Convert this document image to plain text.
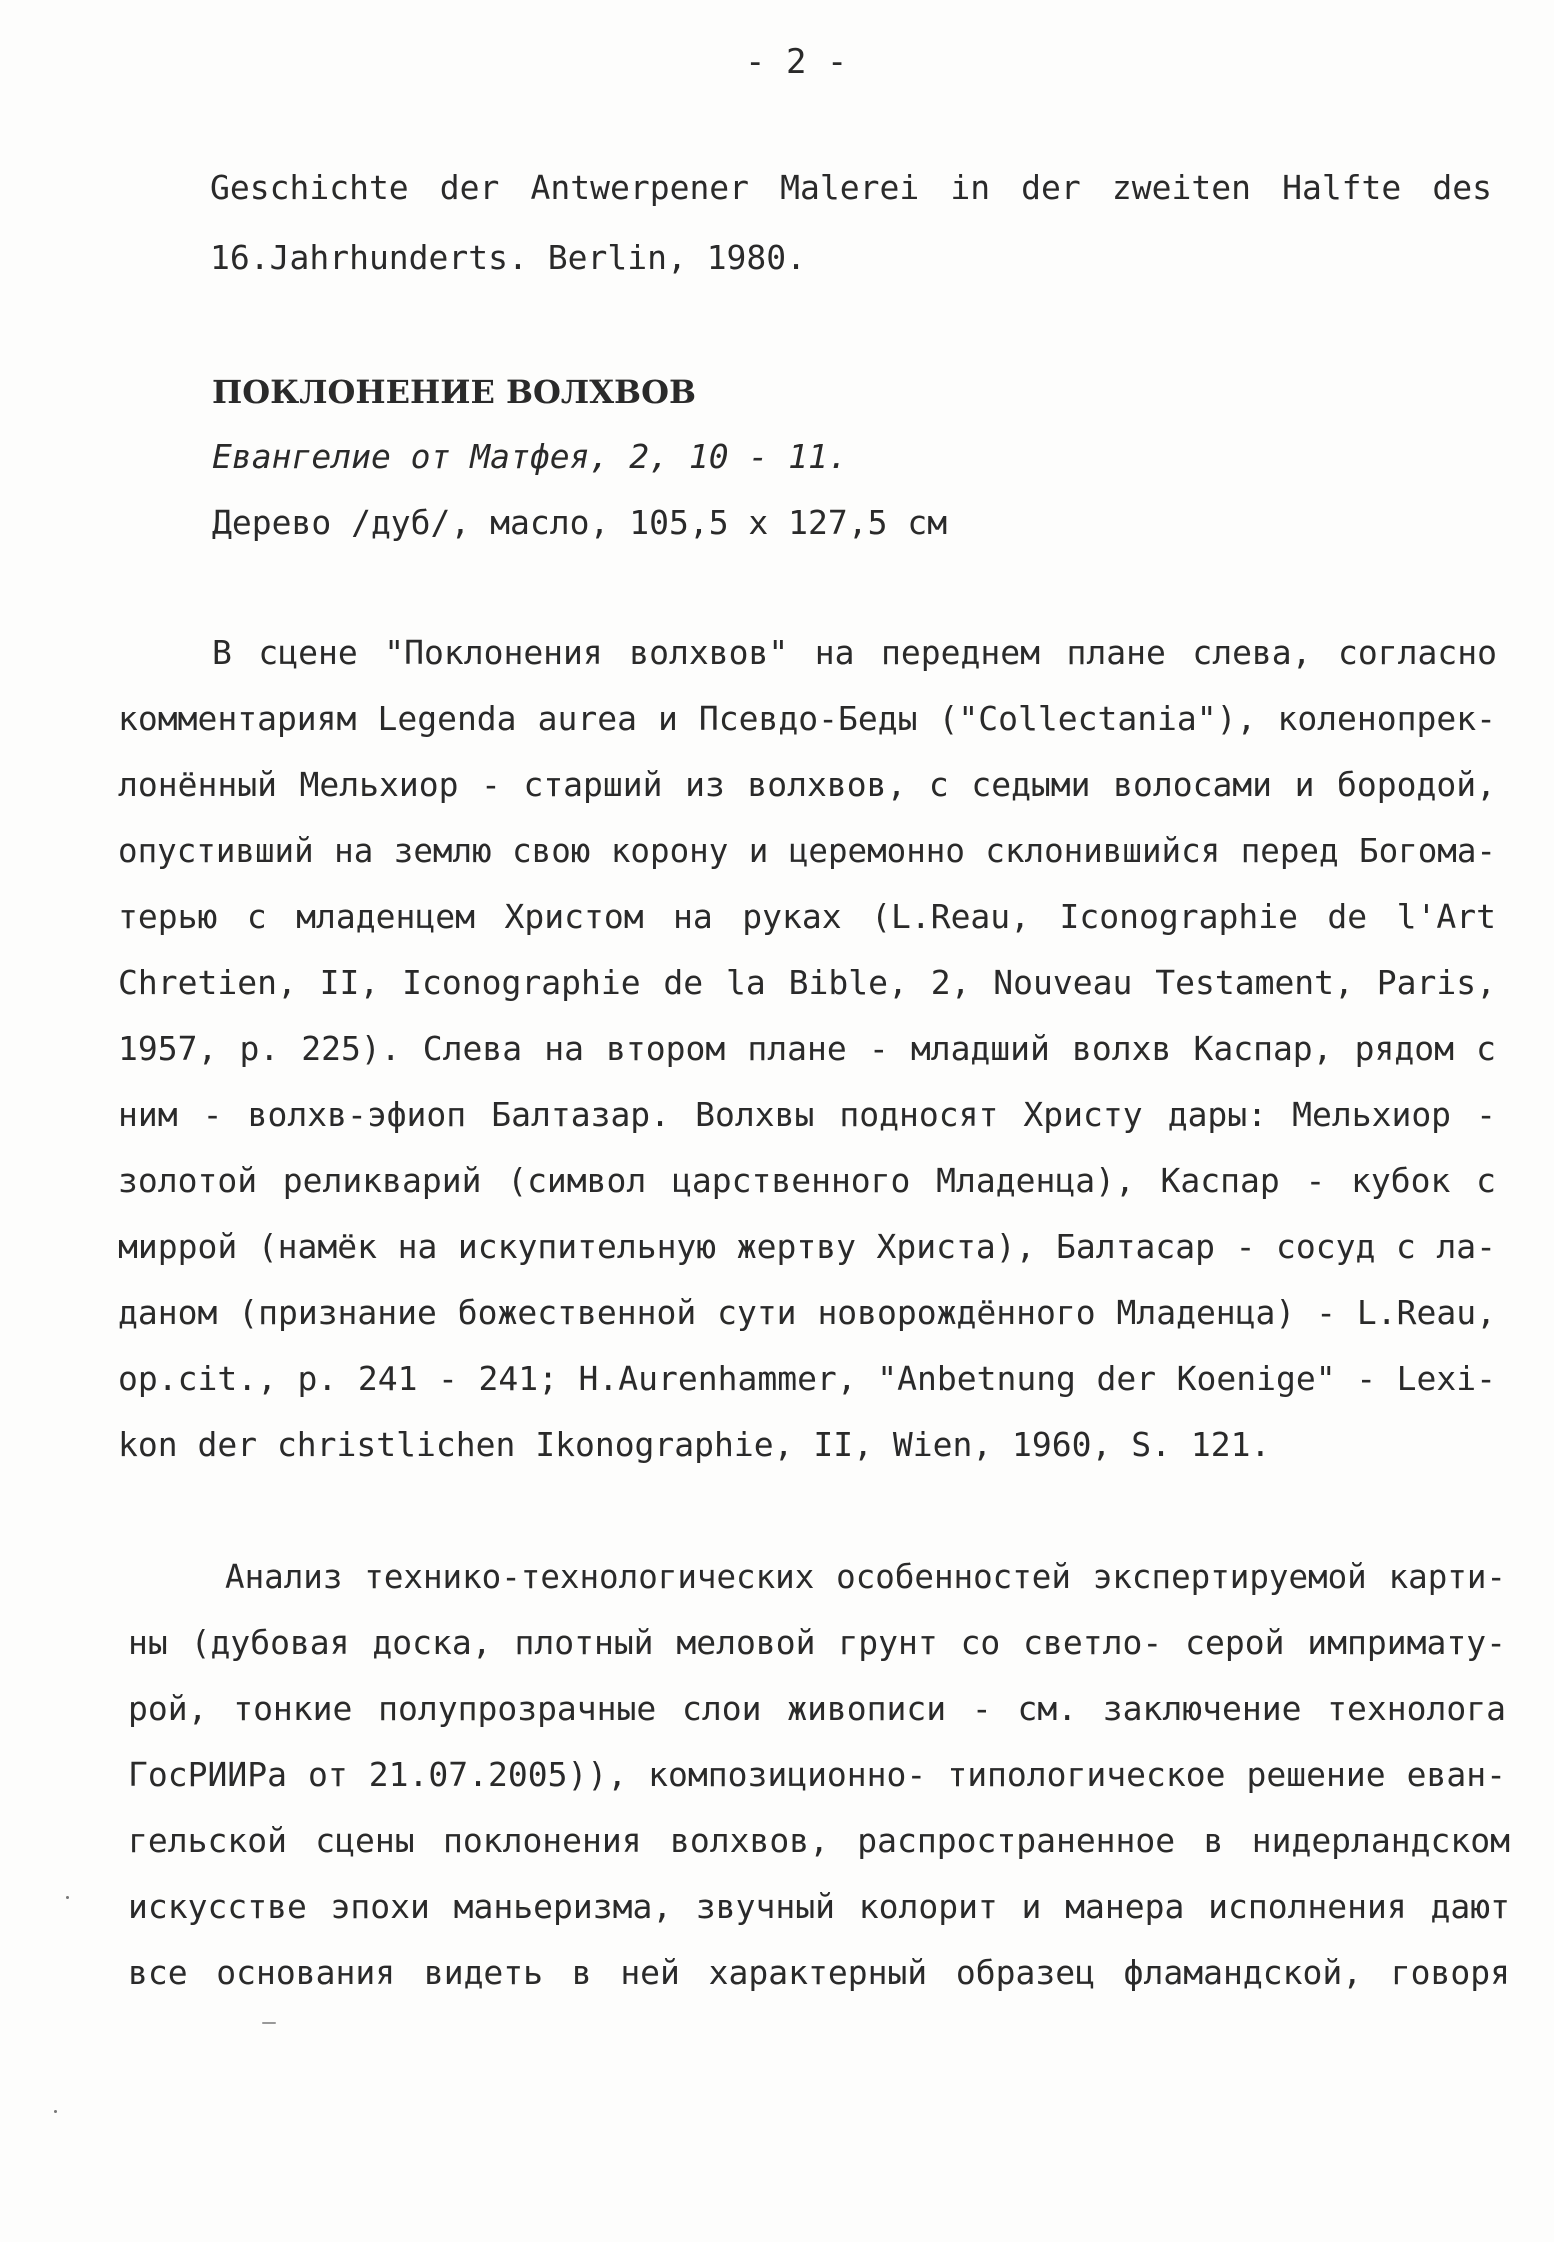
- 2 -
Geschichte der Antwerpener Malerei in der zweiten Halfte des
16.Jahrhunderts. Berlin, 1980.
ПОКЛОНЕНИЕ ВОЛХВОВ
Евангелие от Матфея, 2, 10 - 11.
Дерево /дуб/, масло, 105,5 x 127,5 см
В сцене "Поклонения волхвов" на переднем плане слева, согласно
комментариям Legenda aurea и Псевдо-Беды ("Collectania"), коленопрек-
лонённый Мельхиор - старший из волхвов, с седыми волосами и бородой,
опустивший на землю свою корону и церемонно склонившийся перед Богома-
терью с младенцем Христом на руках (L.Reau, Iconographie de l'Art
Chretien, II, Iconographie de la Bible, 2, Nouveau Testament, Paris,
1957, p. 225). Слева на втором плане - младший волхв Каспар, рядом с
ним - волхв-эфиоп Балтазар. Волхвы подносят Христу дары: Мельхиор -
золотой реликварий (символ царственного Младенца), Каспар - кубок с
миррой (намёк на искупительную жертву Христа), Балтасар - сосуд с ла-
даном (признание божественной сути новорождённого Младенца) - L.Reau,
op.cit., p. 241 - 241; H.Aurenhammer, "Anbetnung der Koenige" - Lexi-
kon der christlichen Ikonographie, II, Wien, 1960, S. 121.
Анализ технико-технологических особенностей экспертируемой карти-
ны (дубовая доска, плотный меловой грунт со светло- серой импримату-
рой, тонкие полупрозрачные слои живописи - см. заключение технолога
ГосРИИРа от 21.07.2005)), композиционно- типологическое решение еван-
гельской сцены поклонения волхвов, распространенное в нидерландском
искусстве эпохи маньеризма, звучный колорит и манера исполнения дают
все основания видеть в ней характерный образец фламандской, говоря
